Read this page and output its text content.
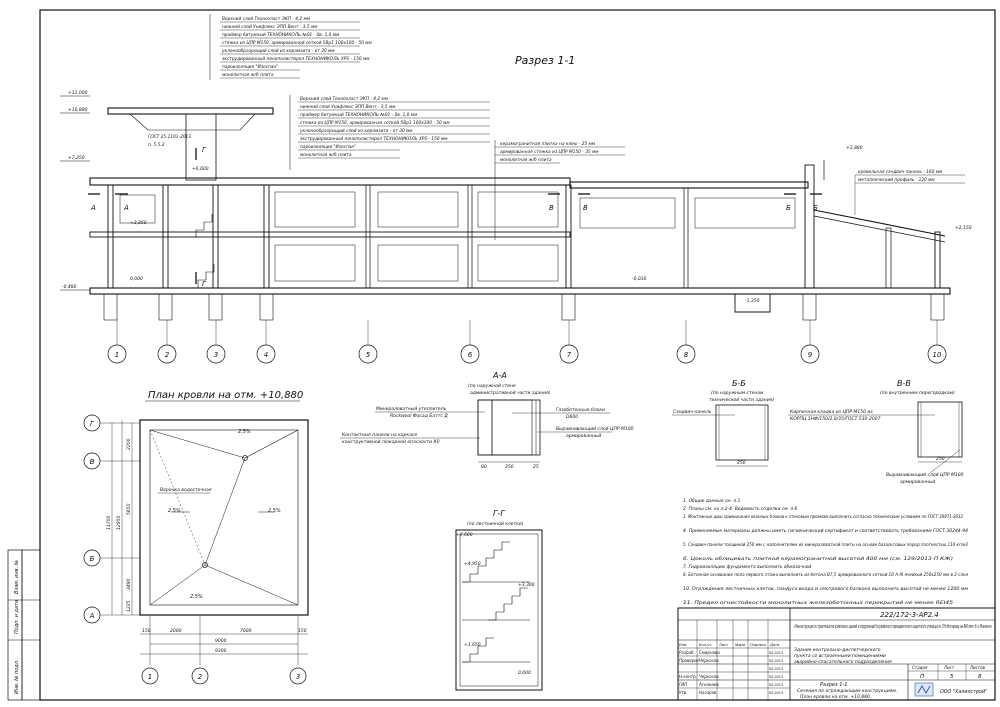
Взам. инв. №
Подп. и дата
Инв. № подл.
Разрез 1-1
Верхний слой Техноэласт ЭКП - 4,2 мм
нижний слой Унифлекс ЭПП Вент - 3,5 мм
праймер битумный ТЕХНОНИКОЛЬ №01 - 0в. 1,0 мм
стяжка из ЦПР М150, армированной сеткой 5Вр1 100х100 - 50 мм
уклонообразующий слой из керамзита - от 30 мм
экструдированный пенополистирол ТЕХНОНИКОЛЬ XPS - 150 мм
пароизоляция "Изоспан"
монолитная ж/б плита
Верхний слой Техноэласт ЭКП - 4,2 мм
нижний слой Унифлекс ЭПП Вент - 3,5 мм
праймер битумный ТЕХНОНИКОЛЬ №01 - 0в. 1,0 мм
стяжка из ЦПР М150, армированная сеткой 5Вр1 100х100 - 50 мм
уклонообразующий слой из керамзита - от 30 мм
экструдированный пенополистирол ТЕХНОНИКОЛЬ XPS - 150 мм
пароизоляция "Изоспан"
монолитная ж/б плита
керамогранитная плитка на клею - 25 мм
армированная стяжка из ЦПР М150 - 35 мм
монолитная ж/б плита
кровельная сэндвич-панель - 160 мм
металлический профиль - 120 мм
ГОСТ 25.1101-2013
п. 5.5.2
+11,000
+10,880
+7,250
+6,600
+3,350
0,000
-0,480
-0,030
-1,350
+3,880
+2,150
А	А	Б	Б
В	В
Г
Г
1	2	3	4	5	6	7	8	9	10
План кровли на отм. +10,880
Воронка водосточная
2,5%
2,5%	2,5%
2,5%
Г
В
Б
А
2200
5650
3490
1225
11700 12950
150	2000	7000	150
9000
9300
1	2	3
А-А
(по наружной стене
административной части здания)
Минераловатный утеплитель
Rockwool Фасад Баттс Д
Контактные панели на каркасе
конструктивной пожарной опасности К0
Газобетонные блоки
D600
Выравнивающий слой ЦПР М100
армированный
80	250	25
Б-Б
(по наружным стенам
технической части здания)
Сэндвич-панель
250
В-В
(по внутренним перегородкам)
Кирпичная кладка из ЦПР М150 из
КОРПЦ 1НФ/150/2,0/35/ГОСТ 530-2007
250
Выравнивающий слой ЦПР М100
армированный
Г-Г
(по лестничной клетке)
+6,600
+4,950
+3,300
+1,650
0,000
1. Общие данные см. л.1
2. Планы см. на л.2-4. Ведомость отделки см. л.6
3. Монтажные швы примыкания оконных блоков к стеновым проемам выполнить согласно техническим условиям по ГОСТ 30971-2012
4. Применяемые материалы должны иметь гигиенический сертификат и соответствовать требованиям ГОСТ 30244-94
5. Сэндвич-панели толщиной 250 мм с наполнителем из минераловатной плиты на основе базальтовых пород плотностью 110 кг/м3
6. Цоколь облицевать плиткой керамогранитной высотой 400 мм (см. 129/2013-П КЖ)
7. Гидроизоляцию фундамента выполнить обмазочной
8. Бетонное основание пола первого этажа выполнить из бетона В7,5 армированного сеткой 10 А-III ячейкой 250х250 мм в 2 слоя
10. Ограждения лестничных клеток, пандуса входа и смотрового балкона выполнить высотой не менее 1200 мм
11. Предел огнестойкости монолитных железобетонных перекрытий не менее REI45
222/172-3-АР2.4
«Реконструкция и строительство комплекса зданий и сооружений Уссурийского президентского кадетского училища (м Л.Н.Нестерова на 840 мест 6 п. Монинск»
Изм.	Кол.уч Лист №док Подпись Дата
Разраб. Смирнова	05.2013
Проверил Черкасов	05.2013
05.2013
Н.контр. Черкасов	05.2013
ГИП	Агнакиев	05.2013
Утв.	Назаров	05.2013
Здание контрольно-диспетчерского
пункта со встроенными помещениями
аварийно-спасательного подразделения
Стадия	Лист	Листов
П	5	8
Разрез 1-1.
Сечения по ограждающим конструкциям.
План кровли на отм. +10,880.
ООО "Халилстрой"
